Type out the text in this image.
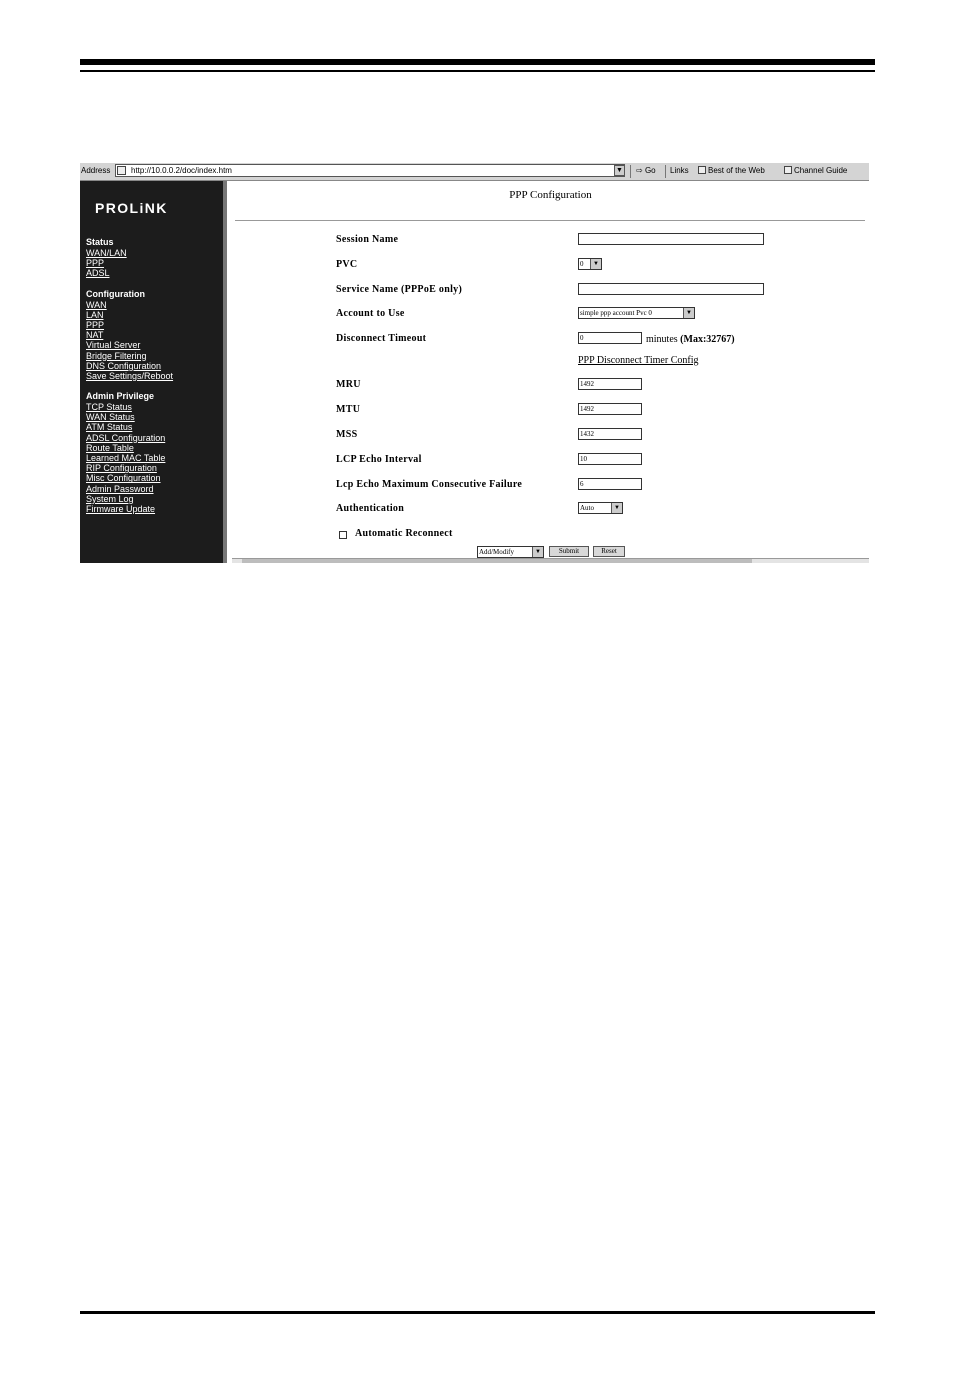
Address	http://10.0.0.2/doc/index.htm	▼ ⇨ Go Links	Best of the Web	Channel Guide
PROLiNK
Status
WAN/LAN
PPP
ADSL
Configuration
WAN
LAN
PPP
NAT
Virtual Server
Bridge Filtering
DNS Configuration
Save Settings/Reboot
Admin Privilege
TCP Status
WAN Status
ATM Status
ADSL Configuration
Route Table
Learned MAC Table
RIP Configuration
Misc Configuration
Admin Password
System Log
Firmware Update
PPP Configuration
Session Name
PVC	0	▼
Service Name (PPPoE only)
Account to Use	simple ppp account Pvc 0	▼
Disconnect Timeout	0	minutes (Max:32767)
PPP Disconnect Timer Config
MRU	1492
MTU	1492
MSS	1432
LCP Echo Interval	10
Lcp Echo Maximum Consecutive Failure	6
Authentication	Auto	▼
Automatic Reconnect
Add/Modify	▼	Submit	Reset
